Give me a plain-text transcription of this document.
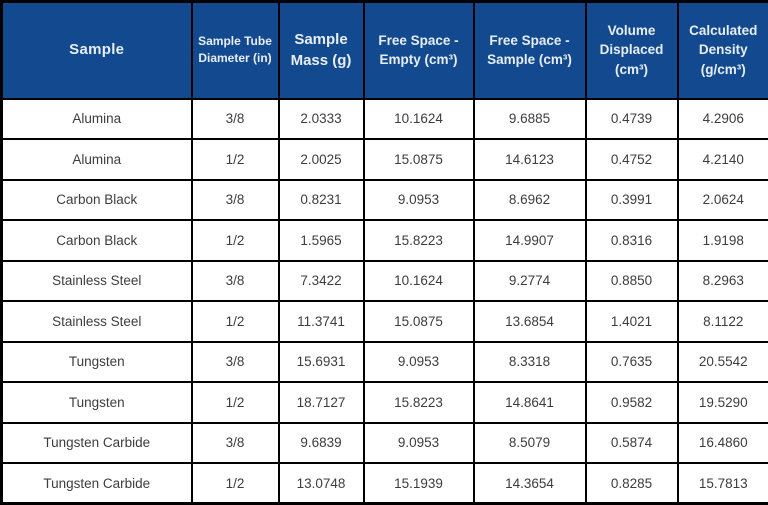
Sample	Sample Tube Diameter (in)	Sample Mass (g)	Free Space - Empty (cm³)	Free Space - Sample (cm³)	Volume Displaced (cm³)	Calculated Density (g/cm³)
Alumina	3/8	2.0333	10.1624	9.6885	0.4739	4.2906
Alumina	1/2	2.0025	15.0875	14.6123	0.4752	4.2140
Carbon Black	3/8	0.8231	9.0953	8.6962	0.3991	2.0624
Carbon Black	1/2	1.5965	15.8223	14.9907	0.8316	1.9198
Stainless Steel	3/8	7.3422	10.1624	9.2774	0.8850	8.2963
Stainless Steel	1/2	11.3741	15.0875	13.6854	1.4021	8.1122
Tungsten	3/8	15.6931	9.0953	8.3318	0.7635	20.5542
Tungsten	1/2	18.7127	15.8223	14.8641	0.9582	19.5290
Tungsten Carbide	3/8	9.6839	9.0953	8.5079	0.5874	16.4860
Tungsten Carbide	1/2	13.0748	15.1939	14.3654	0.8285	15.7813
